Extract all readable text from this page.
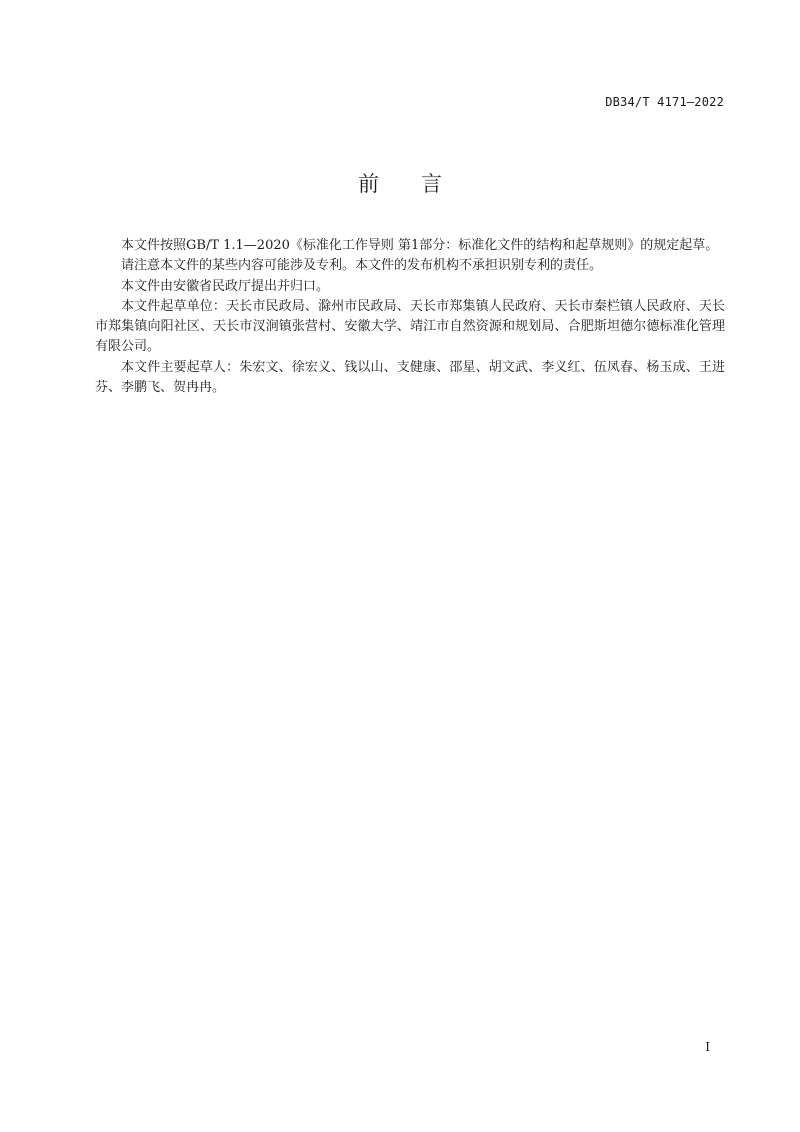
DB34/T 4171—2022
前言

本文件按照GB/T 1.1—2020《标准化工作导则 第1部分：标准化文件的结构和起草规则》的规定起草。

请注意本文件的某些内容可能涉及专利。本文件的发布机构不承担识别专利的责任。

本文件由安徽省民政厅提出并归口。

本文件起草单位：天长市民政局、滁州市民政局、天长市郑集镇人民政府、天长市秦栏镇人民政府、天长市郑集镇向阳社区、天长市汊涧镇张营村、安徽大学、靖江市自然资源和规划局、合肥斯坦德尔德标准化管理有限公司。

本文件主要起草人：朱宏文、徐宏义、钱以山、支健康、邵星、胡文武、李义红、伍凤春、杨玉成、王进芬、李鹏飞、贺冉冉。

I
